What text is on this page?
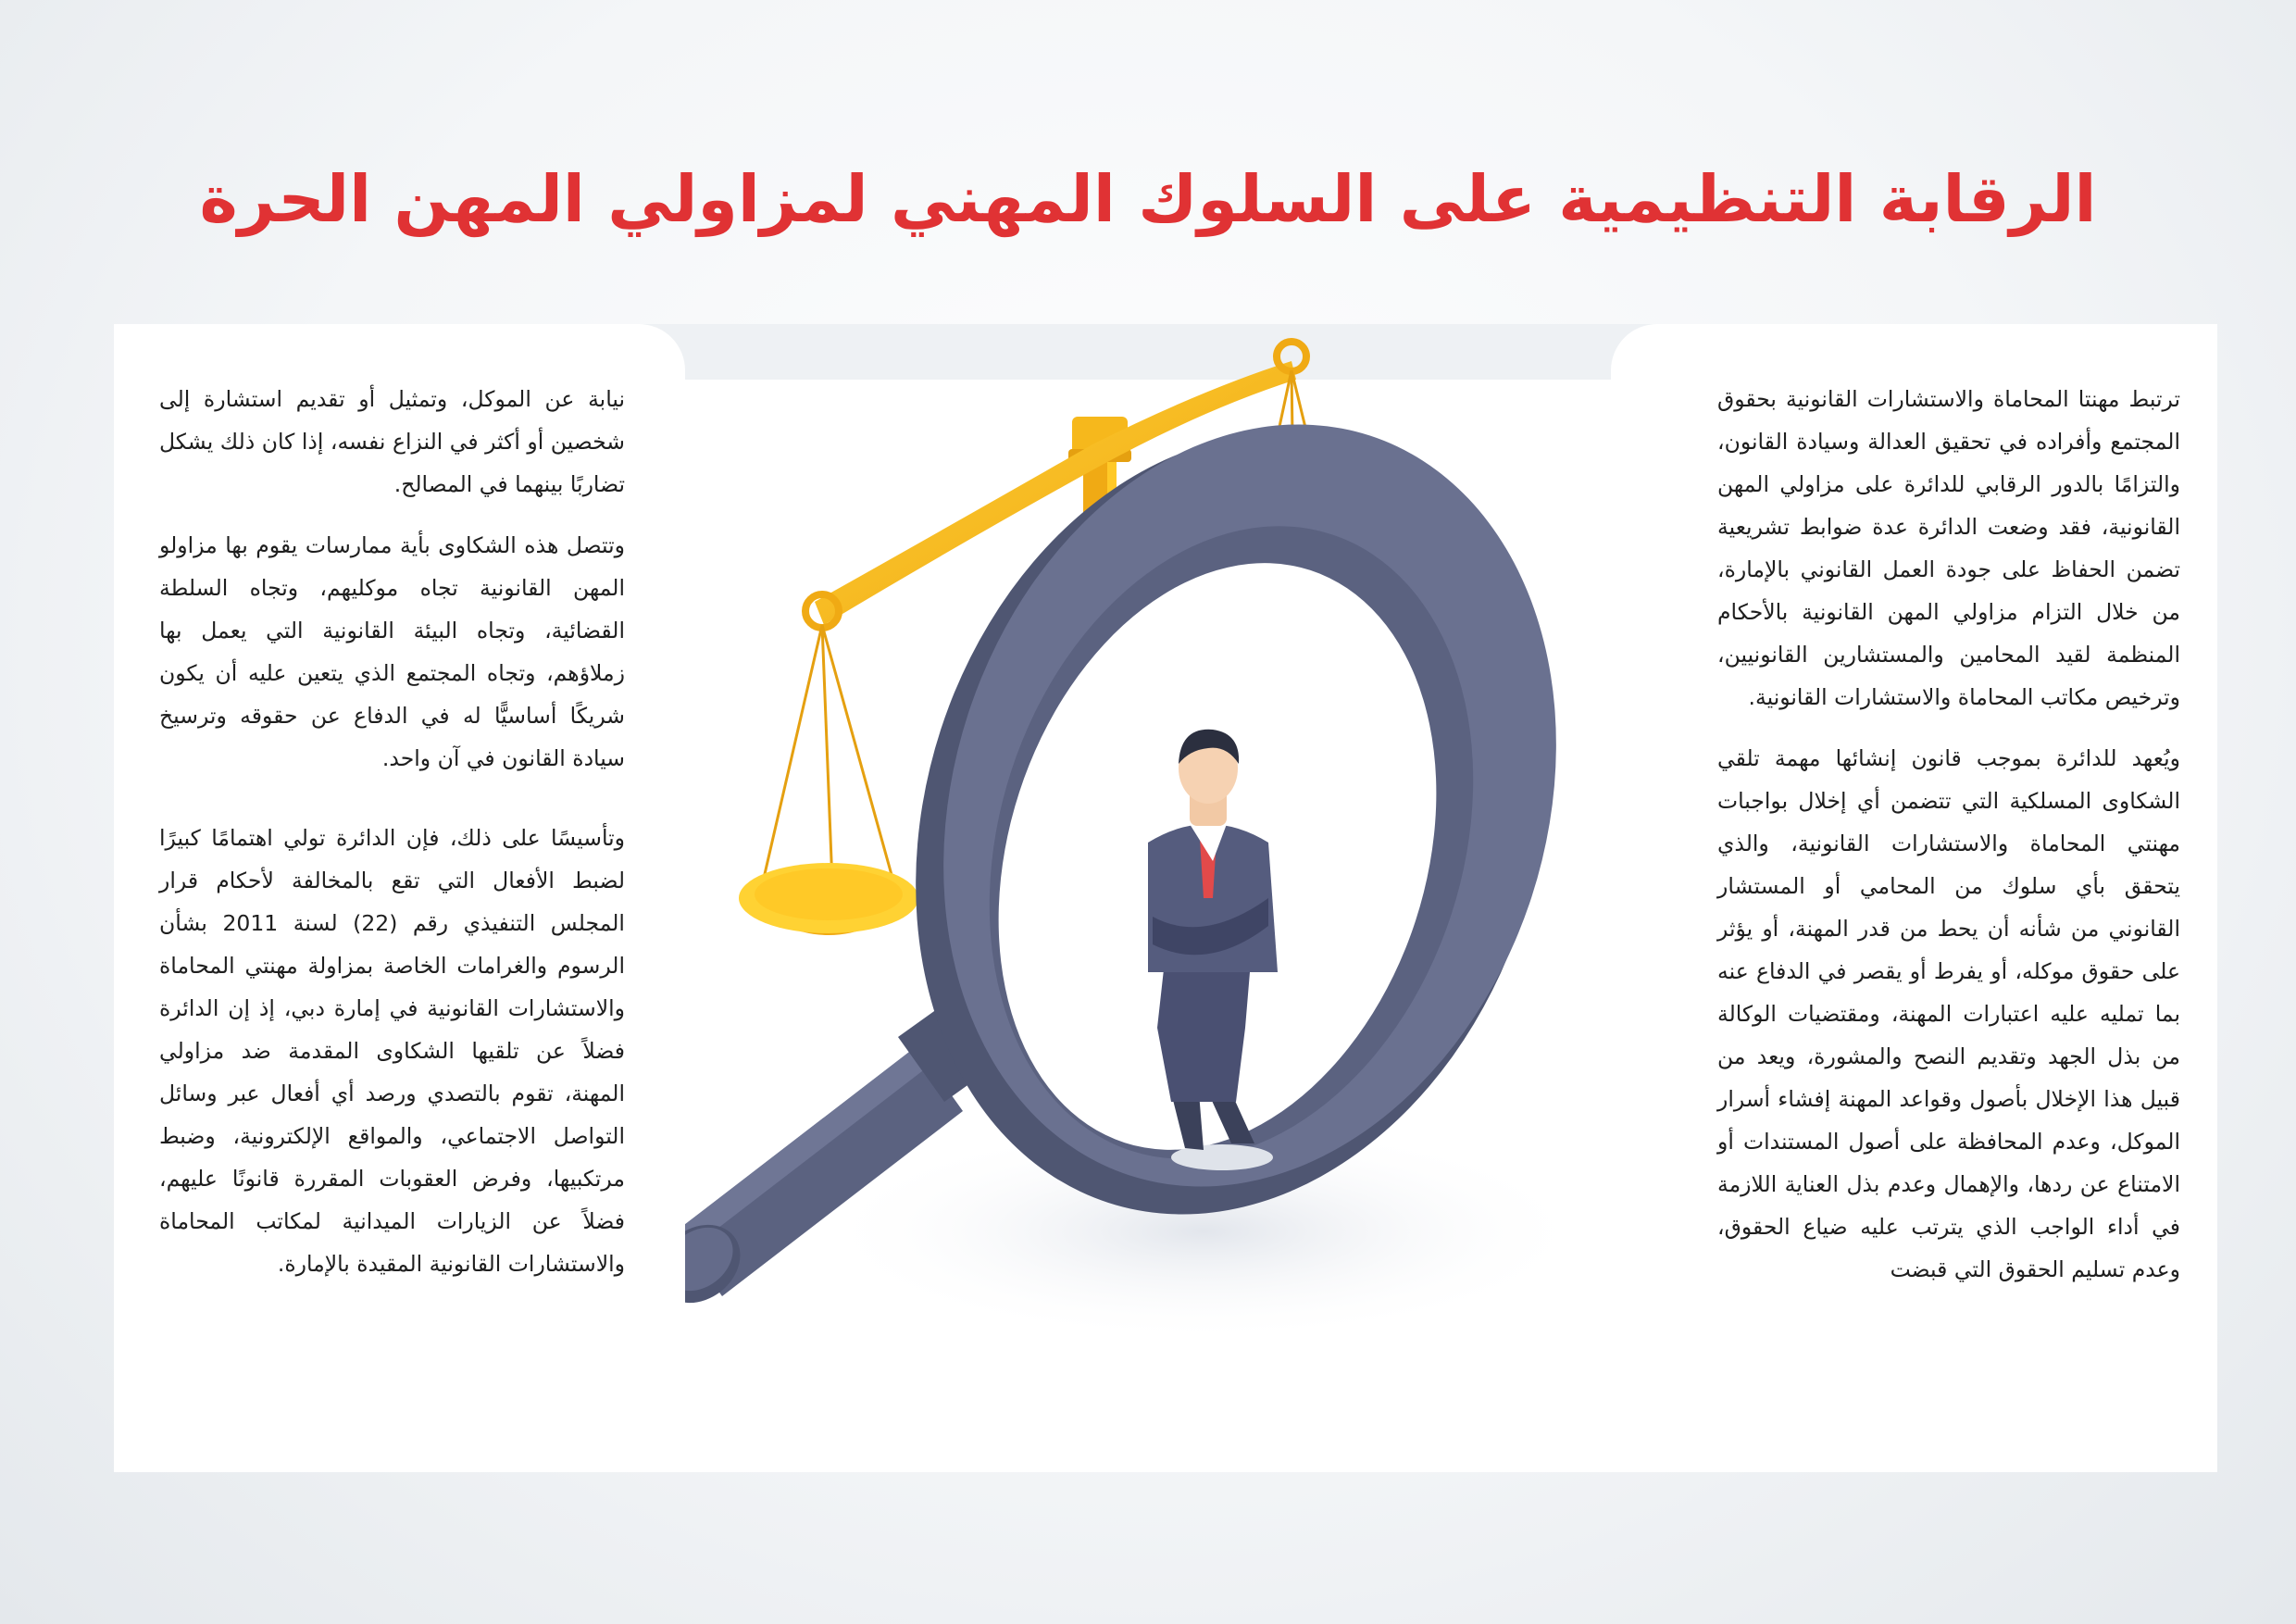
الرقابة التنظيمية على السلوك المهني لمزاولي المهن الحرة

ترتبط مهنتا المحاماة والاستشارات القانونية بحقوق المجتمع وأفراده في تحقيق العدالة وسيادة القانون، والتزامًا بالدور الرقابي للدائرة على مزاولي المهن القانونية، فقد وضعت الدائرة عدة ضوابط تشريعية تضمن الحفاظ على جودة العمل القانوني بالإمارة، من خلال التزام مزاولي المهن القانونية بالأحكام المنظمة لقيد المحامين والمستشارين القانونيين، وترخيص مكاتب المحاماة والاستشارات القانونية.

ويُعهد للدائرة بموجب قانون إنشائها مهمة تلقي الشكاوى المسلكية التي تتضمن أي إخلال بواجبات مهنتي المحاماة والاستشارات القانونية، والذي يتحقق بأي سلوك من المحامي أو المستشار القانوني من شأنه أن يحط من قدر المهنة، أو يؤثر على حقوق موكله، أو يفرط أو يقصر في الدفاع عنه بما تمليه عليه اعتبارات المهنة، ومقتضيات الوكالة من بذل الجهد وتقديم النصح والمشورة، ويعد من قبيل هذا الإخلال بأصول وقواعد المهنة إفشاء أسرار الموكل، وعدم المحافظة على أصول المستندات أو الامتناع عن ردها، والإهمال وعدم بذل العناية اللازمة في أداء الواجب الذي يترتب عليه ضياع الحقوق، وعدم تسليم الحقوق التي قبضت

نيابة عن الموكل، وتمثيل أو تقديم استشارة إلى شخصين أو أكثر في النزاع نفسه، إذا كان ذلك يشكل تضاربًا بينهما في المصالح.

وتتصل هذه الشكاوى بأية ممارسات يقوم بها مزاولو المهن القانونية تجاه موكليهم، وتجاه السلطة القضائية، وتجاه البيئة القانونية التي يعمل بها زملاؤهم، وتجاه المجتمع الذي يتعين عليه أن يكون شريكًا أساسيًّا له في الدفاع عن حقوقه وترسيخ سيادة القانون في آن واحد.

وتأسيسًا على ذلك، فإن الدائرة تولي اهتمامًا كبيرًا لضبط الأفعال التي تقع بالمخالفة لأحكام قرار المجلس التنفيذي رقم (22) لسنة 2011 بشأن الرسوم والغرامات الخاصة بمزاولة مهنتي المحاماة والاستشارات القانونية في إمارة دبي، إذ إن الدائرة فضلاً عن تلقيها الشكاوى المقدمة ضد مزاولي المهنة، تقوم بالتصدي ورصد أي أفعال عبر وسائل التواصل الاجتماعي، والمواقع الإلكترونية، وضبط مرتكبيها، وفرض العقوبات المقررة قانونًا عليهم، فضلاً عن الزيارات الميدانية لمكاتب المحاماة والاستشارات القانونية المقيدة بالإمارة.
